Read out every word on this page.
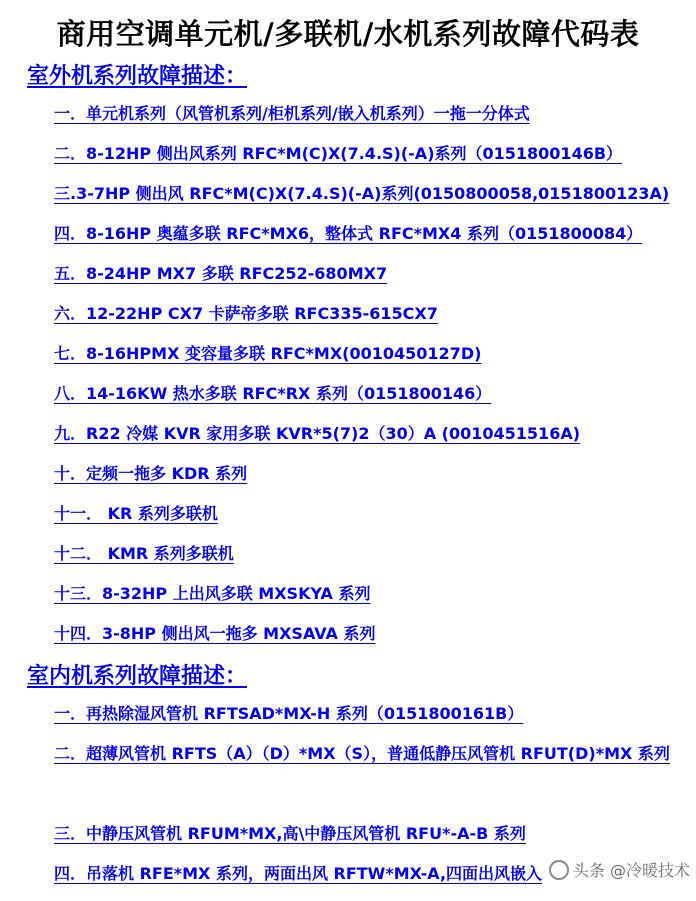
商用空调单元机/多联机/水机系列故障代码表
室外机系列故障描述：
一．单元机系列（风管机系列/柜机系列/嵌入机系列）一拖一分体式
二．8-12HP 侧出风系列 RFC*M(C)X(7.4.S)(-A)系列（0151800146B）
三.3-7HP 侧出风 RFC*M(C)X(7.4.S)(-A)系列(0150800058,0151800123A)
四．8-16HP 奥蕴多联 RFC*MX6，整体式 RFC*MX4 系列（0151800084）
五．8-24HP MX7 多联 RFC252-680MX7
六．12-22HP CX7 卡萨帝多联 RFC335-615CX7
七．8-16HPMX 变容量多联 RFC*MX(0010450127D)
八．14-16KW 热水多联 RFC*RX 系列（0151800146）
九．R22 冷媒 KVR 家用多联 KVR*5(7)2（30）A (0010451516A)
十．定频一拖多 KDR 系列
十一． KR 系列多联机
十二． KMR 系列多联机
十三．8-32HP 上出风多联 MXSKYA 系列
十四．3-8HP 侧出风一拖多 MXSAVA 系列
室内机系列故障描述：
一．再热除湿风管机 RFTSAD*MX-H 系列（0151800161B）
二．超薄风管机 RFTS（A）（D）*MX（S），普通低静压风管机 RFUT(D)*MX 系列
三．中静压风管机 RFUM*MX,高\中静压风管机 RFU*-A-B 系列
四．吊落机 RFE*MX 系列，两面出风 RFTW*MX-A,四面出风嵌入	头条 @冷暖技术
